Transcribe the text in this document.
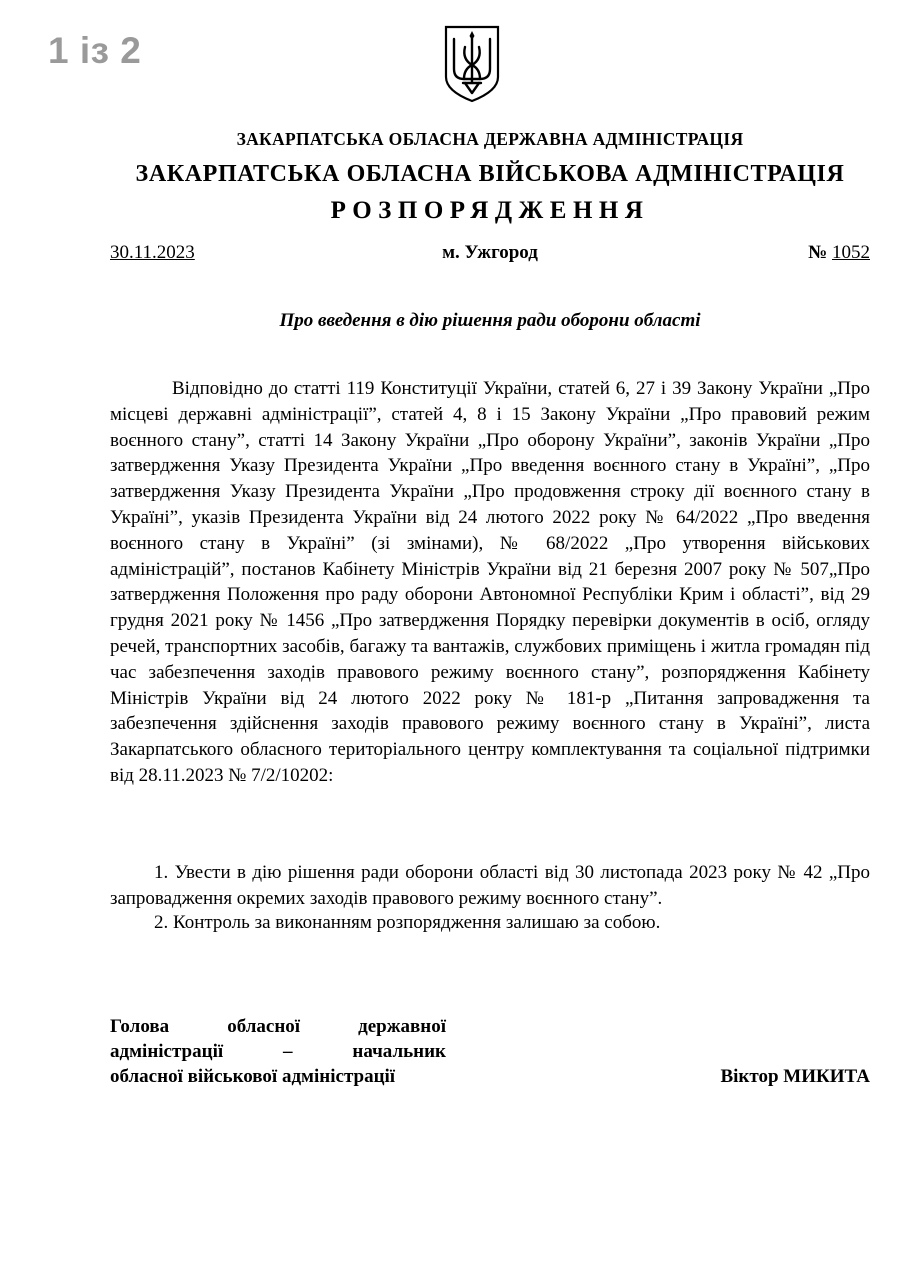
1 із 2
ЗАКАРПАТСЬКА ОБЛАСНА ДЕРЖАВНА АДМІНІСТРАЦІЯ
ЗАКАРПАТСЬКА ОБЛАСНА ВІЙСЬКОВА АДМІНІСТРАЦІЯ
РОЗПОРЯДЖЕННЯ
30.11.2023	м. Ужгород	№ 1052
Про введення в дію рішення ради оборони області

Відповідно до статті 119 Конституції України, статей 6, 27 і 39 Закону України „Про місцеві державні адміністрації”, статей 4, 8 і 15 Закону України „Про правовий режим воєнного стану”, статті 14 Закону України „Про оборону України”, законів України „Про затвердження Указу Президента України „Про введення воєнного стану в Україні”, „Про затвердження Указу Президента України „Про продовження строку дії воєнного стану в Україні”, указів Президента України від 24 лютого 2022 року № 64/2022 „Про введення воєнного стану в Україні” (зі змінами), № 68/2022 „Про утворення військових адміністрацій”, постанов Кабінету Міністрів України від 21 березня 2007 року № 507„Про затвердження Положення про раду оборони Автономної Республіки Крим і області”, від 29 грудня 2021 року № 1456 „Про затвердження Порядку перевірки документів в осіб, огляду речей, транспортних засобів, багажу та вантажів, службових приміщень і житла громадян під час забезпечення заходів правового режиму воєнного стану”, розпорядження Кабінету Міністрів України від 24 лютого 2022 року № 181-р „Питання запровадження та забезпечення здійснення заходів правового режиму воєнного стану в Україні”, листа Закарпатського обласного територіального центру комплектування та соціальної підтримки від 28.11.2023 № 7/2/10202:

1. Увести в дію рішення ради оборони області від 30 листопада 2023 року № 42 „Про запровадження окремих заходів правового режиму воєнного стану”.

2. Контроль за виконанням розпорядження залишаю за собою.

Голова обласної державної
адміністрації – начальник
обласної військової адміністрації	Віктор МИКИТА
